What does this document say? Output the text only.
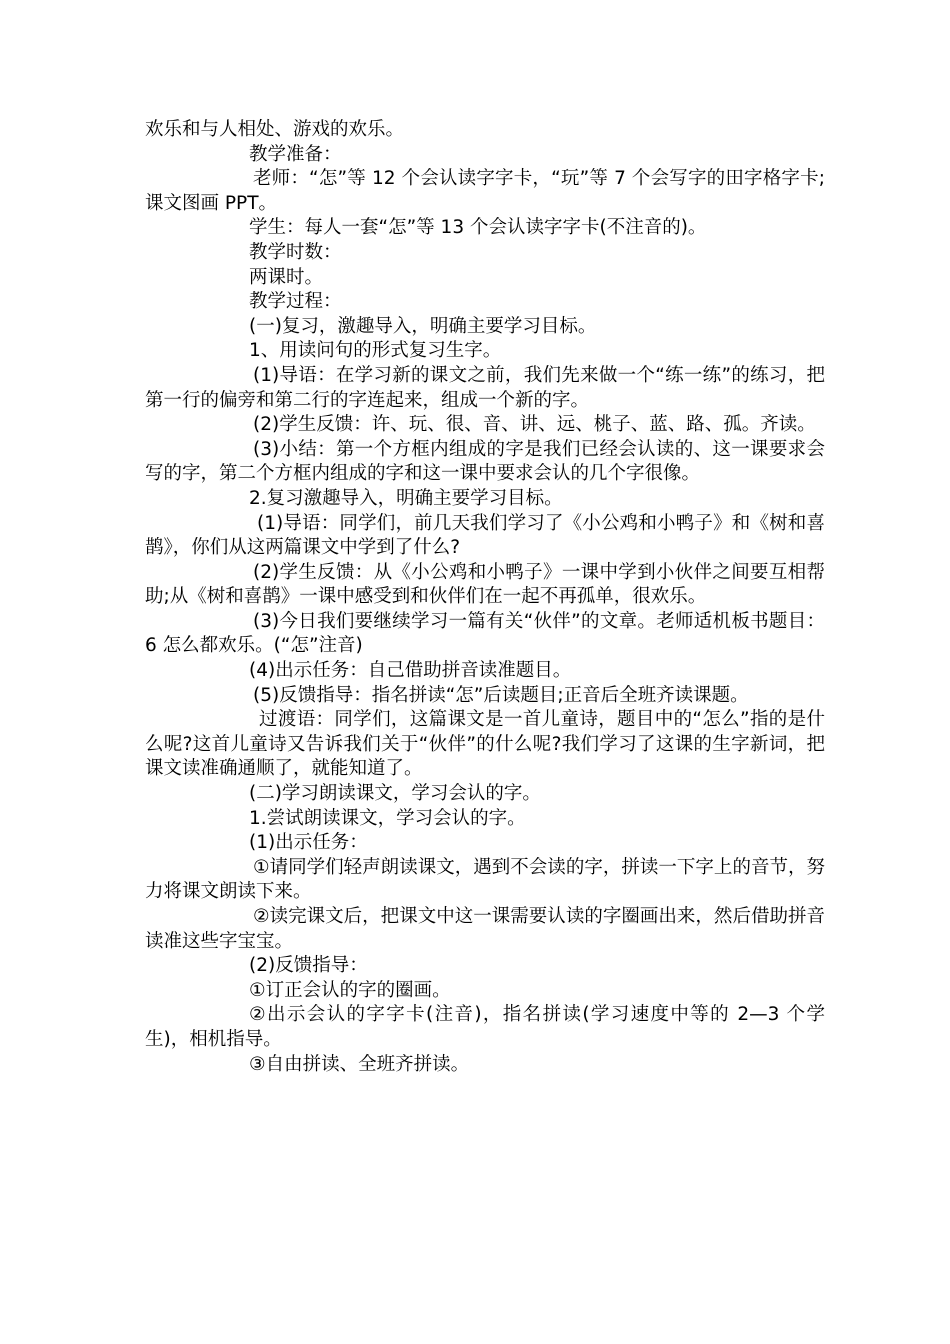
欢乐和与人相处、游戏的欢乐。

教学准备：

老师：“怎”等 12 个会认读字字卡，“玩”等 7 个会写字的田字格字卡;课文图画 PPT。

学生：每人一套“怎”等 13 个会认读字字卡(不注音的)。

教学时数：

两课时。

教学过程：

(一)复习，激趣导入，明确主要学习目标。

1、用读问句的形式复习生字。

(1)导语：在学习新的课文之前，我们先来做一个“练一练”的练习，把第一行的偏旁和第二行的字连起来，组成一个新的字。

(2)学生反馈：许、玩、很、音、讲、远、桃子、蓝、路、孤。齐读。

(3)小结：第一个方框内组成的字是我们已经会认读的、这一课要求会写的字，第二个方框内组成的字和这一课中要求会认的几个字很像。

2.复习激趣导入，明确主要学习目标。

(1)导语：同学们，前几天我们学习了《小公鸡和小鸭子》和《树和喜鹊》，你们从这两篇课文中学到了什么?

(2)学生反馈：从《小公鸡和小鸭子》一课中学到小伙伴之间要互相帮助;从《树和喜鹊》一课中感受到和伙伴们在一起不再孤单，很欢乐。

(3)今日我们要继续学习一篇有关“伙伴”的文章。老师适机板书题目：6 怎么都欢乐。(“怎”注音)

(4)出示任务：自己借助拼音读准题目。

(5)反馈指导：指名拼读“怎”后读题目;正音后全班齐读课题。

过渡语：同学们，这篇课文是一首儿童诗，题目中的“怎么”指的是什么呢?这首儿童诗又告诉我们关于“伙伴”的什么呢?我们学习了这课的生字新词，把课文读准确通顺了，就能知道了。

(二)学习朗读课文，学习会认的字。

1.尝试朗读课文，学习会认的字。

(1)出示任务：

①请同学们轻声朗读课文，遇到不会读的字，拼读一下字上的音节，努力将课文朗读下来。

②读完课文后，把课文中这一课需要认读的字圈画出来，然后借助拼音读准这些字宝宝。

(2)反馈指导：

①订正会认的字的圈画。

②出示会认的字字卡(注音)，指名拼读(学习速度中等的 2—3 个学生)，相机指导。

③自由拼读、全班齐拼读。
